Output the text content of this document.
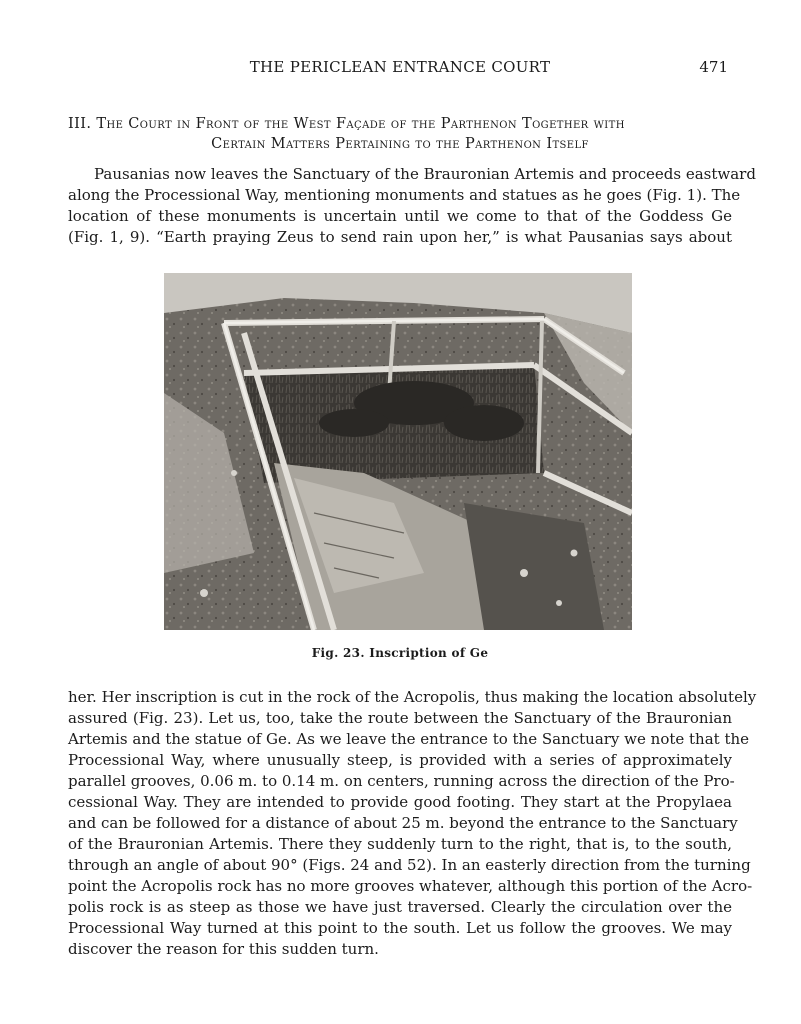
THE PERICLEAN ENTRANCE COURT	471
III. The Court in Front of the West Façade of the Parthenon Together with
Certain Matters Pertaining to the Parthenon Itself
Pausanias now leaves the Sanctuary of the Brauronian Artemis and proceeds eastward
along the Processional Way, mentioning monuments and statues as he goes (Fig. 1). The
location of these monuments is uncertain until we come to that of the Goddess Ge
(Fig. 1, 9). “Earth praying Zeus to send rain upon her,” is what Pausanias says about
Fig. 23. Inscription of Ge
her. Her inscription is cut in the rock of the Acropolis, thus making the location absolutely
assured (Fig. 23). Let us, too, take the route between the Sanctuary of the Brauronian
Artemis and the statue of Ge. As we leave the entrance to the Sanctuary we note that the
Processional Way, where unusually steep, is provided with a series of approximately
parallel grooves, 0.06 m. to 0.14 m. on centers, running across the direction of the Pro-
cessional Way. They are intended to provide good footing. They start at the Propylaea
and can be followed for a distance of about 25 m. beyond the entrance to the Sanctuary
of the Brauronian Artemis. There they suddenly turn to the right, that is, to the south,
through an angle of about 90° (Figs. 24 and 52). In an easterly direction from the turning
point the Acropolis rock has no more grooves whatever, although this portion of the Acro-
polis rock is as steep as those we have just traversed. Clearly the circulation over the
Processional Way turned at this point to the south. Let us follow the grooves. We may
discover the reason for this sudden turn.
